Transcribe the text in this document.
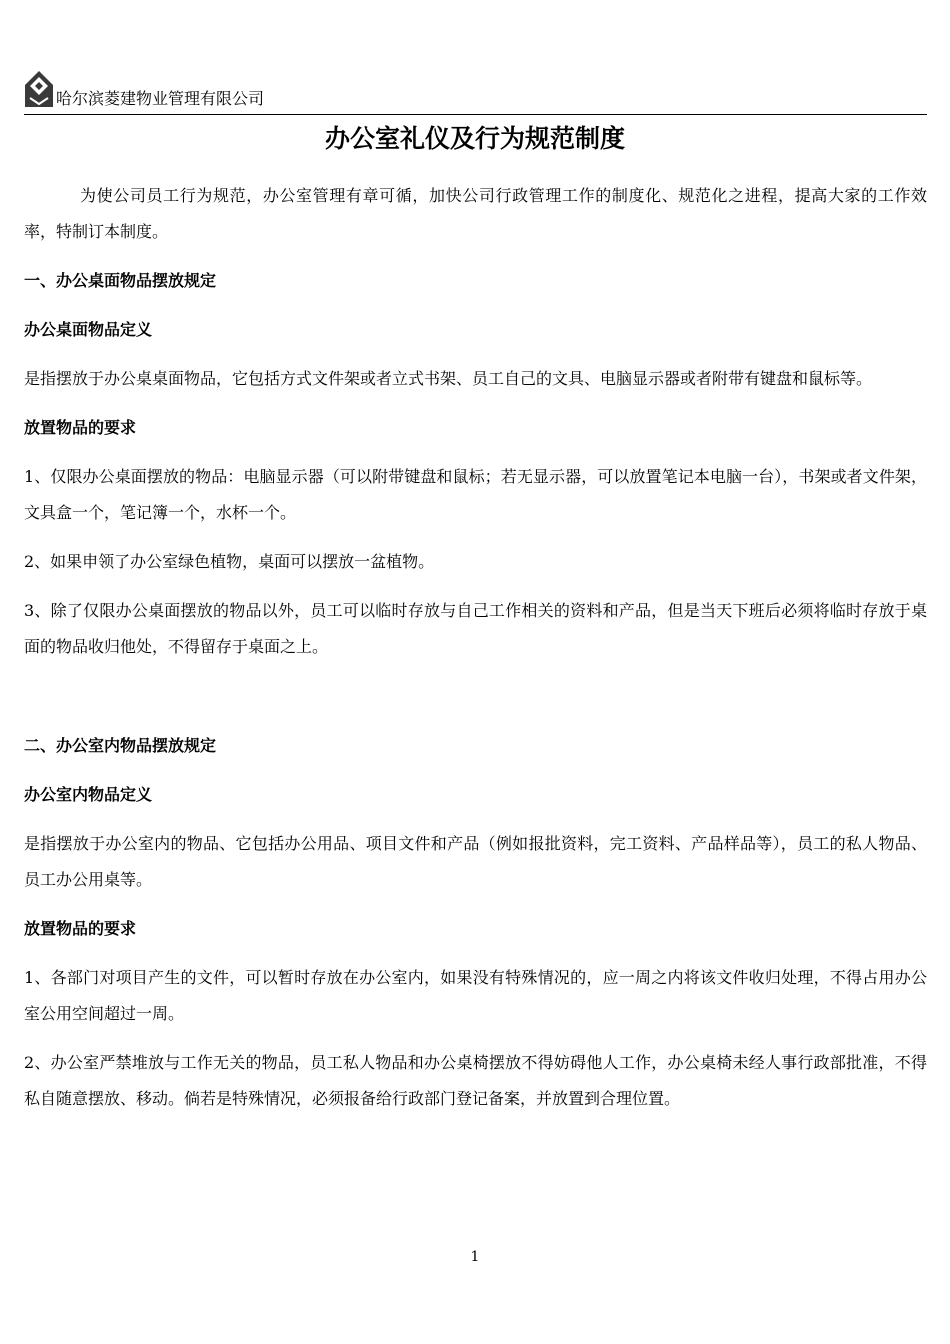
哈尔滨菱建物业管理有限公司
办公室礼仪及行为规范制度

为使公司员工行为规范，办公室管理有章可循，加快公司行政管理工作的制度化、规范化之进程，提高大家的工作效率，特制订本制度。

一、办公桌面物品摆放规定
办公桌面物品定义

是指摆放于办公桌桌面物品，它包括方式文件架或者立式书架、员工自己的文具、电脑显示器或者附带有键盘和鼠标等。

放置物品的要求

1、仅限办公桌面摆放的物品：电脑显示器（可以附带键盘和鼠标；若无显示器，可以放置笔记本电脑一台），书架或者文件架，文具盒一个，笔记簿一个，水杯一个。

2、如果申领了办公室绿色植物，桌面可以摆放一盆植物。

3、除了仅限办公桌面摆放的物品以外，员工可以临时存放与自己工作相关的资料和产品，但是当天下班后必须将临时存放于桌面的物品收归他处，不得留存于桌面之上。

二、办公室内物品摆放规定
办公室内物品定义

是指摆放于办公室内的物品、它包括办公用品、项目文件和产品（例如报批资料，完工资料、产品样品等），员工的私人物品、员工办公用桌等。

放置物品的要求

1、各部门对项目产生的文件，可以暂时存放在办公室内，如果没有特殊情况的，应一周之内将该文件收归处理，不得占用办公室公用空间超过一周。

2、办公室严禁堆放与工作无关的物品，员工私人物品和办公桌椅摆放不得妨碍他人工作，办公桌椅未经人事行政部批准，不得私自随意摆放、移动。倘若是特殊情况，必须报备给行政部门登记备案，并放置到合理位置。

1
